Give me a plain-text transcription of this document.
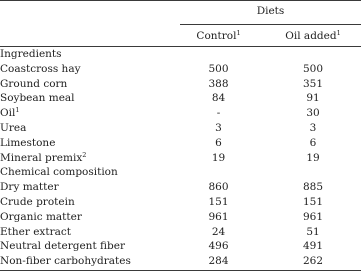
Diets
Control$^1$	Oil added$^1$
Ingredients
Coastcross hay	500	500
Ground corn	388	351
Soybean meal	84	91
Oil$^1$	-	30
Urea	3	3
Limestone	6	6
Mineral premix$^2$	19	19
Chemical composition
Dry matter	860	885
Crude protein	151	151
Organic matter	961	961
Ether extract	24	51
Neutral detergent fiber	496	491
Non-fiber carbohydrates	284	262
